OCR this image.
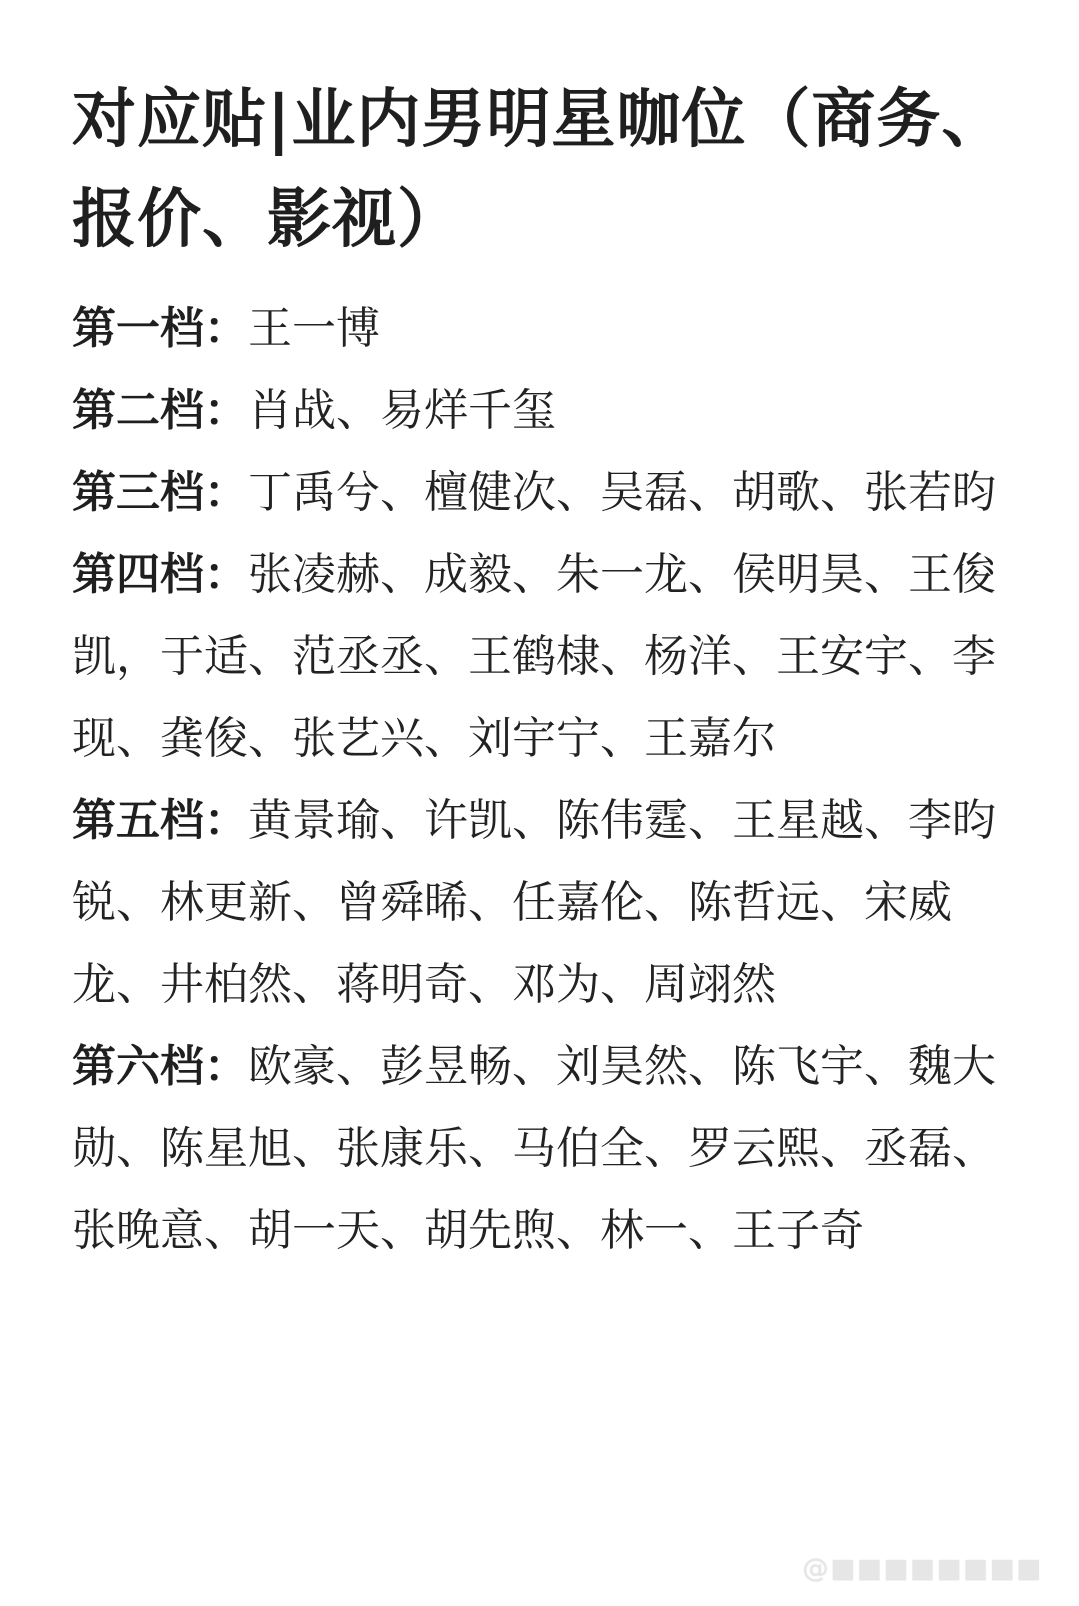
对应贴|业内男明星咖位（商务、报价、影视）

第一档：王一博

第二档：肖战、易烊千玺

第三档：丁禹兮、檀健次、吴磊、胡歌、张若昀

第四档：张凌赫、成毅、朱一龙、侯明昊、王俊凯，于适、范丞丞、王鹤棣、杨洋、王安宇、李现、龚俊、张艺兴、刘宇宁、王嘉尔

第五档：黄景瑜、许凯、陈伟霆、王星越、李昀锐、林更新、曾舜晞、任嘉伦、陈哲远、宋威龙、井柏然、蒋明奇、邓为、周翊然

第六档：欧豪、彭昱畅、刘昊然、陈飞宇、魏大勋、陈星旭、张康乐、马伯全、罗云熙、丞磊、张晚意、胡一天、胡先煦、林一、王子奇

@■■■■■■■■
